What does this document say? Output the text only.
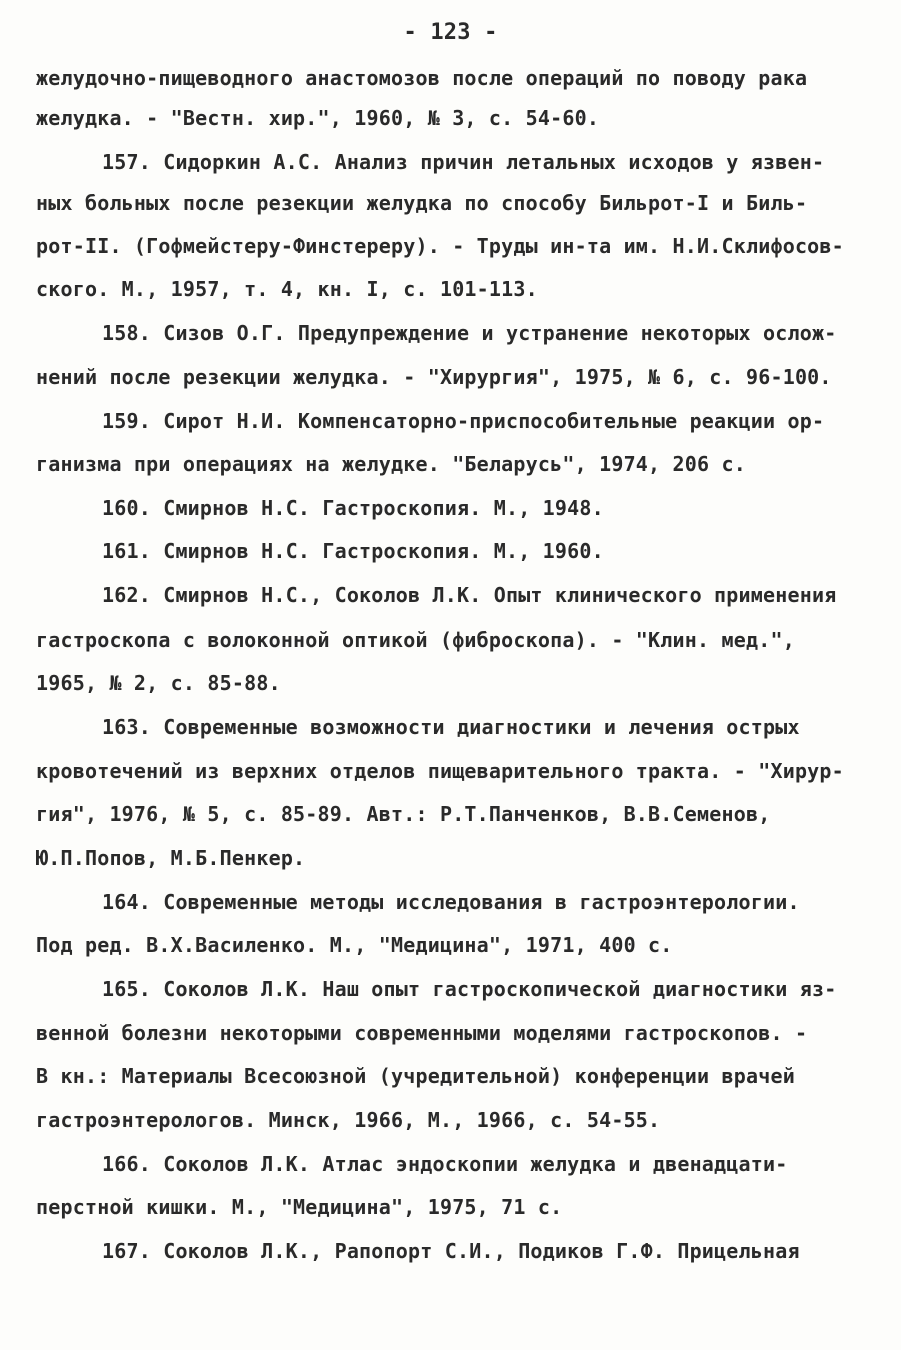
- 123 -
желудочно-пищеводного анастомозов после операций по поводу рака
желудка. - "Вестн. хир.", 1960, № 3, с. 54-60.
157. Сидоркин А.С. Анализ причин летальных исходов у язвен-
ных больных после резекции желудка по способу Бильрот-I и Биль-
рот-II. (Гофмейстеру-Финстереру). - Труды ин-та им. Н.И.Склифосов-
ского. М., 1957, т. 4, кн. I, с. 101-113.
158. Сизов О.Г. Предупреждение и устранение некоторых ослож-
нений после резекции желудка. - "Хирургия", 1975, № 6, с. 96-100.
159. Сирот Н.И. Компенсаторно-приспособительные реакции ор-
ганизма при операциях на желудке. "Беларусь", 1974, 206 с.
160. Смирнов Н.С. Гастроскопия. М., 1948.
161. Смирнов Н.С. Гастроскопия. М., 1960.
162. Смирнов Н.С., Соколов Л.К. Опыт клинического применения
гастроскопа с волоконной оптикой (фиброскопа). - "Клин. мед.",
1965, № 2, с. 85-88.
163. Современные возможности диагностики и лечения острых
кровотечений из верхних отделов пищеварительного тракта. - "Хирур-
гия", 1976, № 5, с. 85-89. Авт.: Р.Т.Панченков, В.В.Семенов,
Ю.П.Попов, М.Б.Пенкер.
164. Современные методы исследования в гастроэнтерологии.
Под ред. В.Х.Василенко. М., "Медицина", 1971, 400 с.
165. Соколов Л.К. Наш опыт гастроскопической диагностики яз-
венной болезни некоторыми современными моделями гастроскопов. -
В кн.: Материалы Всесоюзной (учредительной) конференции врачей
гастроэнтерологов. Минск, 1966, М., 1966, с. 54-55.
166. Соколов Л.К. Атлас эндоскопии желудка и двенадцати-
перстной кишки. М., "Медицина", 1975, 71 с.
167. Соколов Л.К., Рапопорт С.И., Подиков Г.Ф. Прицельная
